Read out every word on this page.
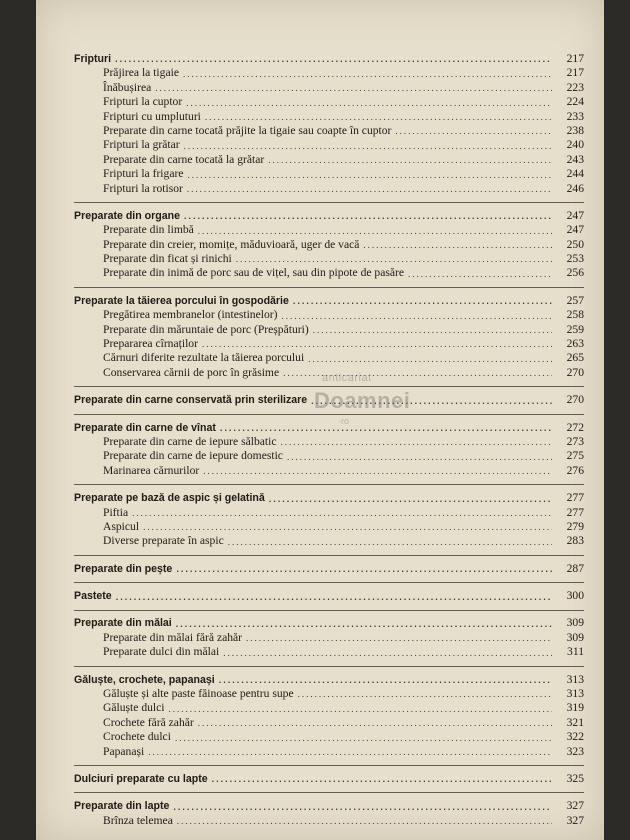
Fripturi .....	217
Prăjirea la tigaie .....	217
Înăbușirea .....	223
Fripturi la cuptor .....	224
Fripturi cu umpluturi .....	233
Preparate din carne tocată prăjite la tigaie sau coapte în cuptor .....	238
Fripturi la grătar .....	240
Preparate din carne tocată la grătar .....	243
Fripturi la frigare .....	244
Fripturi la rotisor .....	246
Preparate din organe .....	247
Preparate din limbă .....	247
Preparate din creier, momițe, măduvioară, uger de vacă .....	250
Preparate din ficat și rinichi .....	253
Preparate din inimă de porc sau de vițel, sau din pipote de pasăre .....	256
Preparate la tăierea porcului în gospodărie .....	257
Pregătirea membranelor (intestinelor) .....	258
Preparate din măruntaie de porc (Preșpături) .....	259
Prepararea cîrnaților .....	263
Cărnuri diferite rezultate la tăierea porcului .....	265
Conservarea cărnii de porc în grăsime .....	270
Preparate din carne conservată prin sterilizare .....	270
Preparate din carne de vînat .....	272
Preparate din carne de iepure sălbatic .....	273
Preparate din carne de iepure domestic .....	275
Marinarea cărnurilor .....	276
Preparate pe bază de aspic și gelatină .....	277
Piftia .....	277
Aspicul .....	279
Diverse preparate în aspic .....	283
Preparate din pește .....	287
Pastete .....	300
Preparate din mălai .....	309
Preparate din mălai fără zahăr .....	309
Preparate dulci din mălai .....	311
Găluște, crochete, papanași .....	313
Găluște și alte paste făinoase pentru supe .....	313
Găluște dulci .....	319
Crochete fără zahăr .....	321
Crochete dulci .....	322
Papanași .....	323
Dulciuri preparate cu lapte .....	325
Preparate din lapte .....	327
Brînza telemea .....	327
anticariat
Doamnei
·ro
